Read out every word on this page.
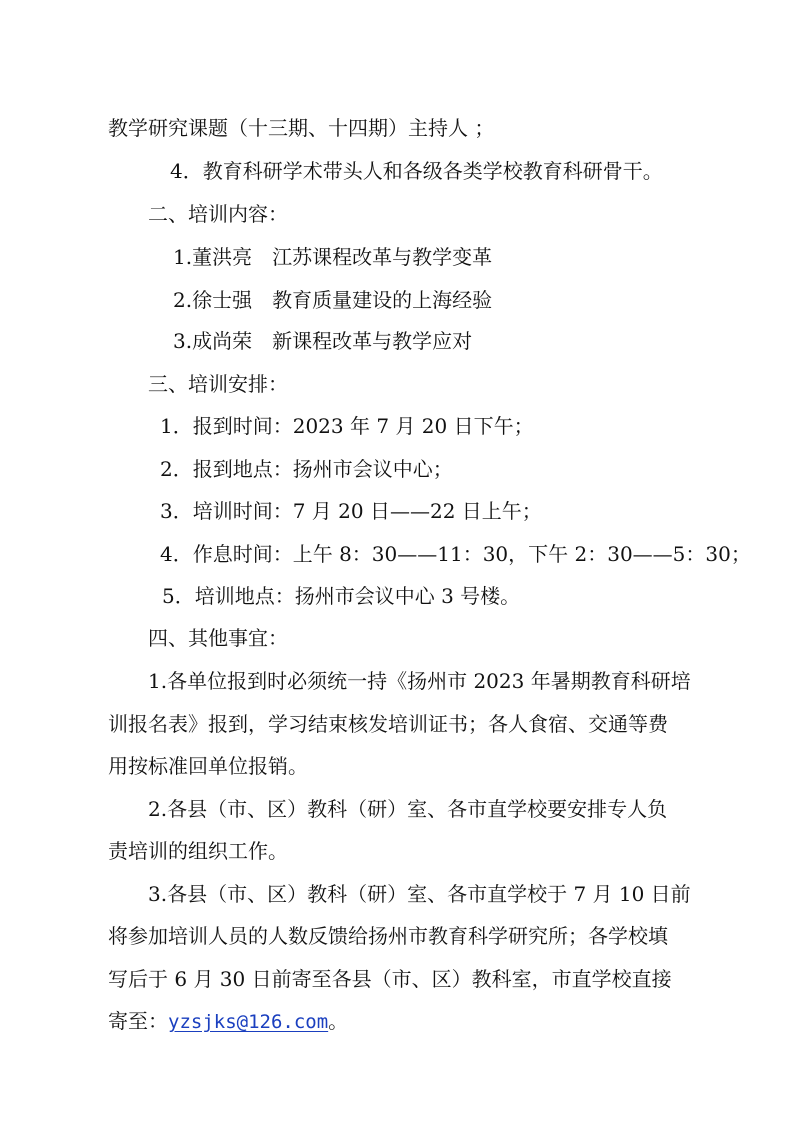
教学研究课题（十三期、十四期）主持人 ；
4．教育科研学术带头人和各级各类学校教育科研骨干。
二、培训内容：
1.董洪亮　江苏课程改革与教学变革
2.徐士强　教育质量建设的上海经验
3.成尚荣　新课程改革与教学应对
三、培训安排：
1．报到时间：2023 年 7 月 20 日下午；
2．报到地点：扬州市会议中心；
3．培训时间：7 月 20 日——22 日上午；
4．作息时间：上午 8：30——11：30，下午 2：30——5：30；
5．培训地点：扬州市会议中心 3 号楼。
四、其他事宜：
1.各单位报到时必须统一持《扬州市 2023 年暑期教育科研培
训报名表》报到，学习结束核发培训证书；各人食宿、交通等费
用按标准回单位报销。
2.各县（市、区）教科（研）室、各市直学校要安排专人负
责培训的组织工作。
3.各县（市、区）教科（研）室、各市直学校于 7 月 10 日前
将参加培训人员的人数反馈给扬州市教育科学研究所；各学校填
写后于 6 月 30 日前寄至各县（市、区）教科室，市直学校直接
寄至：yzsjks@126.com。
